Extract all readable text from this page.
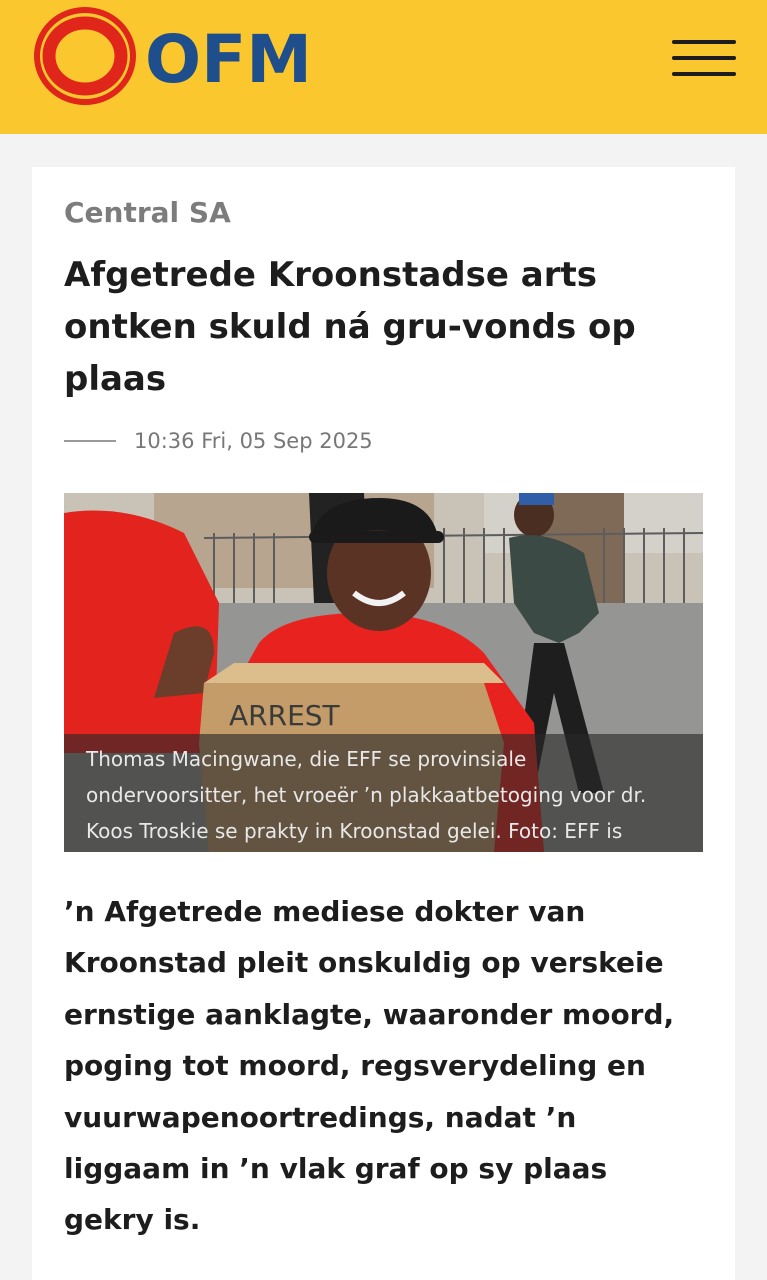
OFM
Central SA
Afgetrede Kroonstadse arts
ontken skuld ná gru-vonds op
plaas
10:36 Fri, 05 Sep 2025
ARREST
Thomas Macingwane, die EFF se provinsiale
ondervoorsitter, het vroeër ’n plakkaatbetoging voor dr.
Koos Troskie se prakty in Kroonstad gelei. Foto: EFF is
’n Afgetrede mediese dokter van
Kroonstad pleit onskuldig op verskeie
ernstige aanklagte, waaronder moord,
poging tot moord, regsverydeling en
vuurwapenoortredings, nadat ’n
liggaam in ’n vlak graf op sy plaas
gekry is.
